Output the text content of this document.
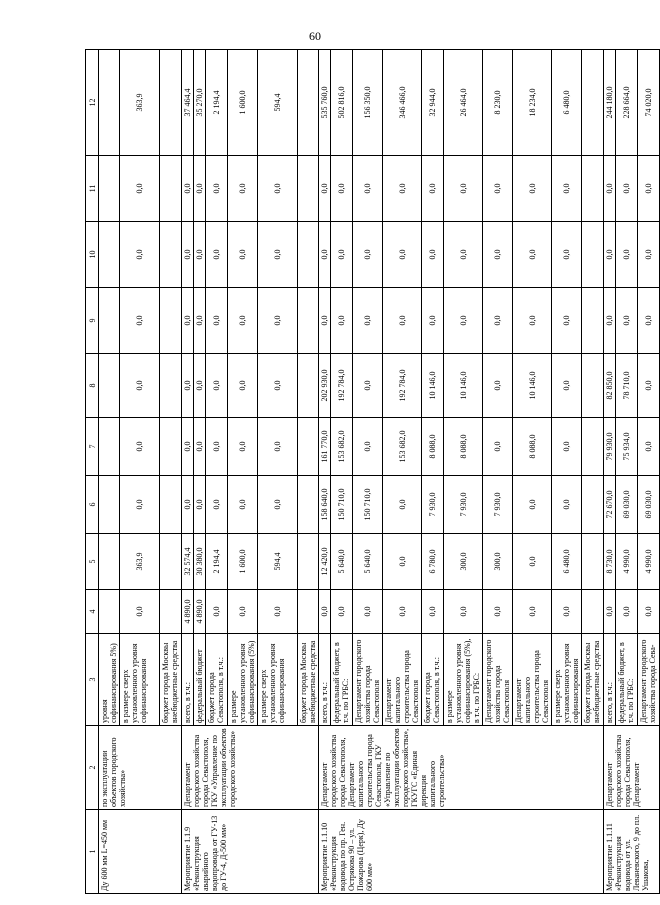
60
1	2	3	4	5	6	7	8	9	10	11	12
Ду 600 мм L=450 мм	по эксплуатации объектов городского хозяйства»	уровня софинансирования 5%)									
		в размере сверх установленного уровня софинансирования	0,0	363,9	0,0	0,0	0,0	0,0	0,0	0,0	363,9
		бюджет города Москвы внебюджетные средства									
Мероприятие 1.1.9 «Реконструкция аварийного водопровода от ГУ-13 до ГУ-4, Д-500 мм»	Департамент городского хозяйства города Севастополя, ГКУ «Управление по эксплуатации объектов городского хозяйства»	всего, в т.ч.:	4 890,0	32 574,4	0,0	0,0	0,0	0,0	0,0	0,0	37 464,4
		федеральный бюджет	4 890,0	30 380,0	0,0	0,0	0,0	0,0	0,0	0,0	35 270,0
		бюджет города Севастополя, в т.ч.:	0,0	2 194,4	0,0	0,0	0,0	0,0	0,0	0,0	2 194,4
		в размере установленного уровня софинансирования (5%)	0,0	1 600,0	0,0	0,0	0,0	0,0	0,0	0,0	1 600,0
		в размере сверх установленного уровня софинансирования	0,0	594,4	0,0	0,0	0,0	0,0	0,0	0,0	594,4
		бюджет города Москвы внебюджетные средства									
Мероприятие 1.1.10 «Реконструкция водовода по пр. Ген. Острякова 90 – ул. Пожарова (Церк), Ду 600 мм»	Департамент городского хозяйства города Севастополя, Департамент капитального строительства города Севастополя, ГКУ «Управление по эксплуатации объектов городского хозяйства», ГКУГС «Единая дирекция капитального строительства»	всего, в т.ч.:	0,0	12 420,0	158 640,0	161 770,0	202 930,0	0,0	0,0	0,0	535 760,0
		федеральный бюджет, в т.ч. по ГРБС:	0,0	5 640,0	150 710,0	153 682,0	192 784,0	0,0	0,0	0,0	502 816,0
		Департамент городского хозяйства города Севастополя	0,0	5 640,0	150 710,0	0,0	0,0	0,0	0,0	0,0	156 350,0
		Департамент капитального строительства города Севастополя	0,0	0,0	0,0	153 682,0	192 784,0	0,0	0,0	0,0	346 466,0
		бюджет города Севастополя, в т.ч.:	0,0	6 780,0	7 930,0	8 088,0	10 146,0	0,0	0,0	0,0	32 944,0
		в размере установленного уровня софинансирования (5%), в т.ч. по ГРБС:	0,0	300,0	7 930,0	8 088,0	10 146,0	0,0	0,0	0,0	26 464,0
		Департамент городского хозяйства города Севастополя	0,0	300,0	7 930,0	0,0	0,0	0,0	0,0	0,0	8 230,0
		Департамент капитального строительства города Севастополя	0,0	0,0	0,0	8 088,0	10 146,0	0,0	0,0	0,0	18 234,0
		в размере сверх установленного уровня софинансирования	0,0	6 480,0	0,0	0,0	0,0	0,0	0,0	0,0	6 480,0
		бюджет города Москвы внебюджетные средства									
Мероприятие 1.1.11 «Реконструкция водовода от ул. Леваневского, 9 до пл. Ушакова,	Департамент городского хозяйства города Севастополя, Департамент	всего, в т.ч.:	0,0	8 730,0	72 670,0	79 930,0	82 850,0	0,0	0,0	0,0	244 180,0
		федеральный бюджет, в т.ч. по ГРБС:	0,0	4 990,0	69 030,0	75 934,0	78 710,0	0,0	0,0	0,0	228 664,0
		Департамент городского хозяйства города Сева-	0,0	4 990,0	69 030,0	0,0	0,0	0,0	0,0	0,0	74 020,0
